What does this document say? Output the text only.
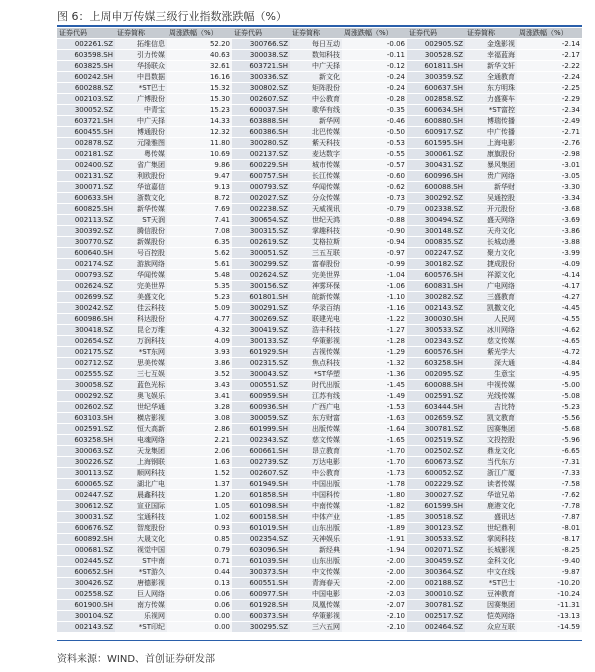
图 6：上周申万传媒三级行业指数涨跌幅（%）
证券代码	证券简称	周涨跌幅（%）	证券代码	证券简称	周涨跌幅（%）	证券代码	证券简称	周涨跌幅（%）
002261.SZ	拓维信息	52.20	300766.SZ	每日互动	-0.06	002905.SZ	金逸影视	-2.14
603598.SH	引力传媒	40.63	300038.SZ	数知科技	-0.11	300528.SZ	幸福蓝海	-2.17
603825.SH	华扬联众	32.61	603721.SH	中广天择	-0.12	601811.SH	新华文轩	-2.22
600242.SH	中昌数据	16.16	300336.SZ	新文化	-0.24	300359.SZ	全通教育	-2.24
600288.SZ	*ST巴士	15.32	300802.SZ	矩阵股份	-0.24	600637.SH	东方明珠	-2.25
002103.SZ	广博股份	15.30	002607.SZ	中公教育	-0.28	002858.SZ	力盛赛车	-2.29
300052.SZ	中青宝	15.23	600037.SH	歌华有线	-0.35	600634.SH	*ST富控	-2.34
603721.SH	中广天择	14.33	603888.SH	新华网	-0.46	600880.SH	博瑞传播	-2.49
600455.SH	博通股份	12.32	600386.SH	北巴传媒	-0.50	600917.SZ	中广传播	-2.71
002878.SZ	元隆雅图	11.80	300280.SZ	紫天科技	-0.53	601595.SH	上海电影	-2.76
002181.SZ	粤传媒	10.69	002137.SZ	麦达数字	-0.55	300061.SZ	康旗股份	-2.98
002400.SZ	省广集团	9.86	600229.SH	城市传媒	-0.57	300431.SZ	暴风集团	-3.01
002131.SZ	利欧股份	9.47	600757.SH	长江传媒	-0.60	600996.SH	贵广网络	-3.05
300071.SZ	华谊嘉信	9.13	000793.SZ	华闻传媒	-0.62	600088.SH	新华财	-3.30
600633.SH	浙数文化	8.72	002027.SZ	分众传媒	-0.73	300292.SZ	吴通控股	-3.34
600825.SH	新华传媒	7.69	002238.SZ	天威视讯	-0.79	002338.SZ	开元股份	-3.68
002113.SZ	ST天润	7.41	300654.SZ	世纪天鸿	-0.88	300494.SZ	盛天网络	-3.69
300392.SZ	腾信股份	7.08	300315.SZ	掌趣科技	-0.90	300148.SZ	天舟文化	-3.86
300770.SZ	新媒股份	6.35	002619.SZ	艾格拉斯	-0.94	000835.SZ	长城动漫	-3.88
600640.SH	号百控股	5.62	300051.SZ	三五互联	-0.97	002247.SZ	聚力文化	-3.99
002174.SZ	游族网络	5.61	300299.SZ	富春股份	-0.99	300182.SZ	捷成股份	-4.09
000793.SZ	华闻传媒	5.48	002624.SZ	完美世界	-1.04	600576.SH	祥源文化	-4.14
002624.SZ	完美世界	5.35	300156.SZ	神雾环保	-1.06	600831.SH	广电网络	-4.17
002699.SZ	美盛文化	5.23	601801.SH	皖新传媒	-1.10	300282.SZ	三盛教育	-4.27
300242.SZ	佳云科技	5.09	300291.SZ	华录百纳	-1.16	002143.SZ	凯撒文化	-4.45
600986.SH	科达股份	4.77	300269.SZ	联建光电	-1.22	300030.SH	人民网	-4.55
300418.SZ	昆仑万维	4.32	300419.SZ	浩丰科技	-1.27	300533.SZ	冰川网络	-4.62
002654.SZ	万润科技	4.09	300133.SZ	华策影视	-1.28	002343.SZ	慈文传媒	-4.65
002175.SZ	*ST东网	3.93	601929.SH	吉视传媒	-1.29	600576.SH	紫光学大	-4.72
002712.SZ	思美传媒	3.86	002315.SZ	焦点科技	-1.32	603258.SH	深大通	-4.84
002555.SZ	三七互娱	3.52	300043.SZ	*ST华塑	-1.36	002095.SZ	生意宝	-4.95
300058.SZ	蓝色光标	3.43	000551.SZ	时代出版	-1.45	600088.SH	中视传媒	-5.00
000292.SZ	奥飞娱乐	3.41	600959.SH	江苏有线	-1.49	002591.SZ	光线传媒	-5.08
002602.SZ	世纪华通	3.28	600936.SH	广西广电	-1.53	603444.SH	吉比特	-5.23
603103.SH	横店影视	3.08	300059.SZ	东方财富	-1.63	002659.SZ	凯文教育	-5.56
002591.SZ	恒大高新	2.86	601999.SH	出版传媒	-1.64	300781.SZ	因赛集团	-5.68
603258.SH	电魂网络	2.21	002343.SZ	慈文传媒	-1.65	002519.SZ	文投控股	-5.96
300063.SZ	天龙集团	2.06	600661.SH	昂立教育	-1.70	002502.SZ	鼎龙文化	-6.65
300226.SZ	上海钢联	1.63	002739.SZ	万达电影	-1.70	600673.SZ	当代东方	-7.31
300113.SZ	顺网科技	1.52	002607.SZ	中公教育	-1.73	600052.SZ	浙江广厦	-7.33
600065.SZ	湖北广电	1.37	601949.SH	中国出版	-1.78	002229.SZ	读者传媒	-7.58
002447.SZ	晨鑫科技	1.20	601858.SH	中国科传	-1.80	300027.SZ	华谊兄弟	-7.62
300612.SZ	宣亚国际	1.05	601098.SH	中南传媒	-1.82	601599.SH	鹿港文化	-7.78
300031.SZ	宝通科技	1.02	600158.SH	中体产业	-1.85	300518.SZ	盛讯达	-7.87
600676.SZ	智度股份	0.93	601019.SH	山东出版	-1.89	300123.SZ	世纪鼎利	-8.01
600892.SH	大晟文化	0.85	002354.SZ	天神娱乐	-1.91	300533.SZ	掌阅科技	-8.17
000681.SZ	视觉中国	0.79	603096.SH	新经典	-1.94	002071.SZ	长城影视	-8.25
002445.SZ	ST中南	0.71	601039.SH	山东出版	-2.00	300459.SZ	金科文化	-9.40
600652.SH	*ST游久	0.44	300373.SH	中文传媒	-2.00	300364.SZ	中文在线	-9.87
300426.SZ	唐德影视	0.13	600551.SH	青海春天	-2.00	002188.SZ	*ST巴士	-10.20
002558.SZ	巨人网络	0.06	600977.SH	中国电影	-2.03	300010.SZ	豆神教育	-10.24
601900.SH	南方传媒	0.06	601928.SH	凤凰传媒	-2.07	300781.SZ	因赛集团	-11.31
300104.SZ	乐视网	0.00	600373.SH	华策影视	-2.10	002517.SZ	恺英网络	-13.13
002143.SZ	*ST印纪	0.00	300295.SZ	三六五网	-2.10	002464.SZ	众应互联	-14.59
资料来源：WIND、首创证券研发部
